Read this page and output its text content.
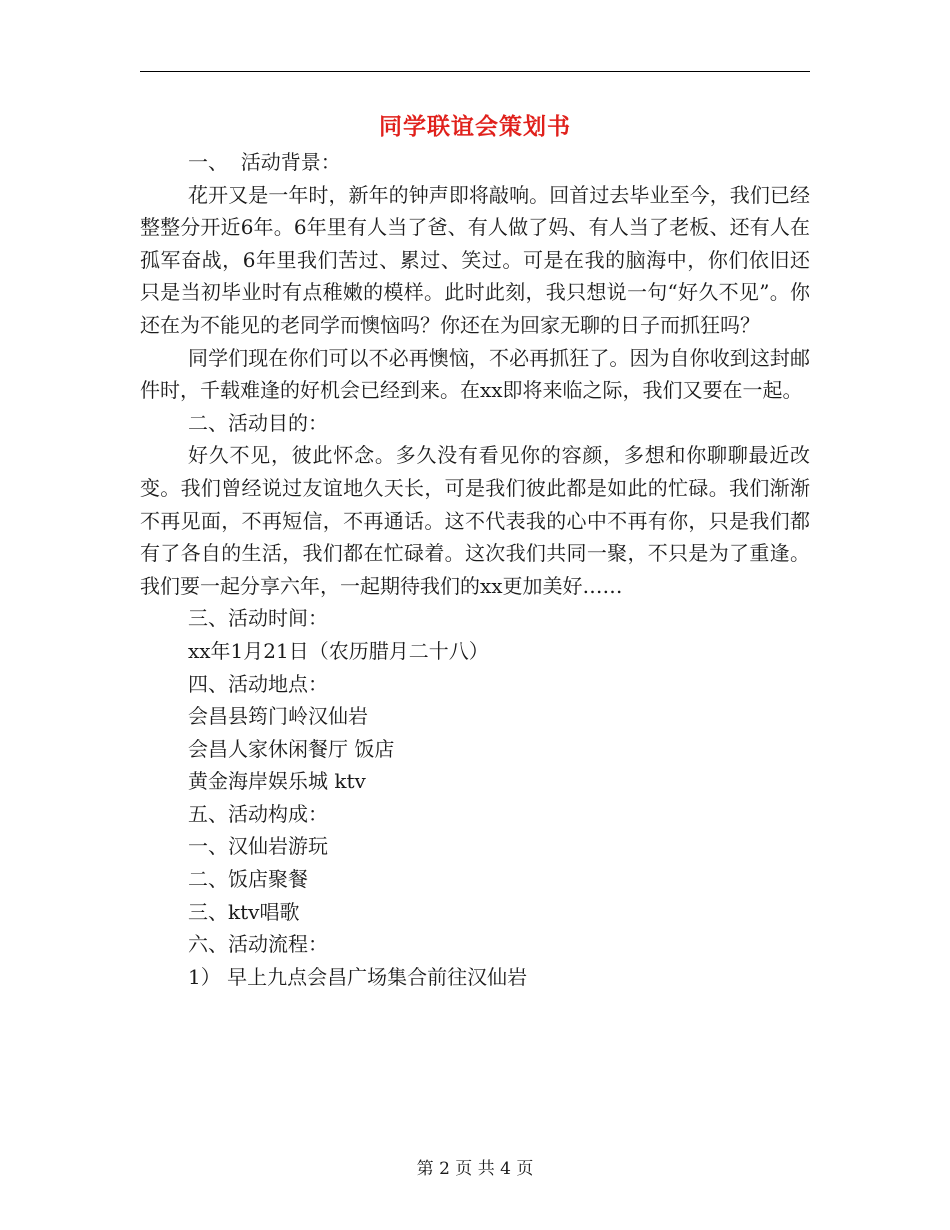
同学联谊会策划书

一、  活动背景：

花开又是一年时，新年的钟声即将敲响。回首过去毕业至今，我们已经整整分开近6年。6年里有人当了爸、有人做了妈、有人当了老板、还有人在孤军奋战，6年里我们苦过、累过、笑过。可是在我的脑海中，你们依旧还只是当初毕业时有点稚嫩的模样。此时此刻，我只想说一句“好久不见”。你还在为不能见的老同学而懊恼吗？你还在为回家无聊的日子而抓狂吗？

同学们现在你们可以不必再懊恼，不必再抓狂了。因为自你收到这封邮件时，千载难逢的好机会已经到来。在xx即将来临之际，我们又要在一起。

二、活动目的：

好久不见，彼此怀念。多久没有看见你的容颜，多想和你聊聊最近改变。我们曾经说过友谊地久天长，可是我们彼此都是如此的忙碌。我们渐渐不再见面，不再短信，不再通话。这不代表我的心中不再有你，只是我们都有了各自的生活，我们都在忙碌着。这次我们共同一聚，不只是为了重逢。我们要一起分享六年，一起期待我们的xx更加美好……

三、活动时间：

xx年1月21日（农历腊月二十八）

四、活动地点：

会昌县筠门岭汉仙岩

会昌人家休闲餐厅 饭店

黄金海岸娱乐城 ktv

五、活动构成：

一、汉仙岩游玩

二、饭店聚餐

三、ktv唱歌

六、活动流程：

1） 早上九点会昌广场集合前往汉仙岩

第 2 页 共 4 页
